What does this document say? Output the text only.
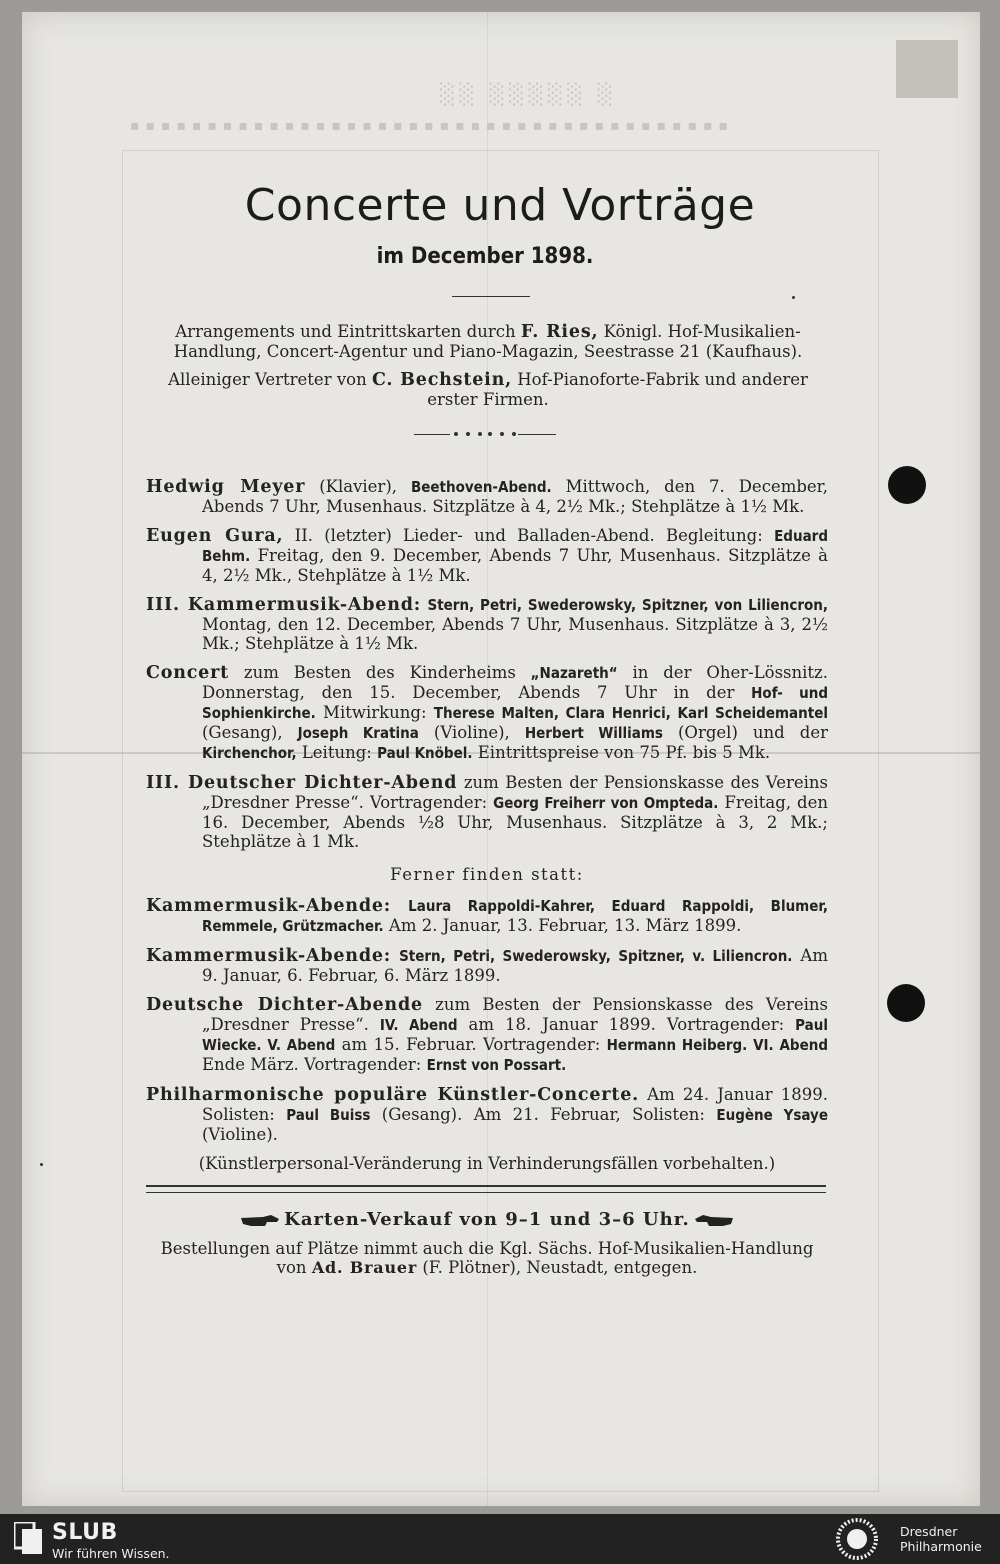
░░ ░░░░░ ░
▪▪▪▪▪▪▪▪▪▪▪▪▪▪▪▪▪▪▪▪▪▪▪▪▪▪▪▪▪▪▪▪▪▪▪▪▪▪▪
Concerte und Vorträge
im December 1898.
Arrangements und Eintrittskarten durch F. Ries, Königl. Hof-Musikalien-Handlung, Concert-Agentur und Piano-Magazin, Seestrasse 21 (Kaufhaus).
Alleiniger Vertreter von C. Bechstein, Hof-Pianoforte-Fabrik und anderer erster Firmen.
Hedwig Meyer (Klavier), Beethoven-Abend. Mittwoch, den 7. December, Abends 7 Uhr, Musenhaus. Sitzplätze à 4, 2½ Mk.; Stehplätze à 1½ Mk.
Eugen Gura, II. (letzter) Lieder- und Balladen-Abend. Begleitung: Eduard Behm. Freitag, den 9. December, Abends 7 Uhr, Musenhaus. Sitzplätze à 4, 2½ Mk., Stehplätze à 1½ Mk.
III. Kammermusik-Abend: Stern, Petri, Swederowsky, Spitzner, von Liliencron, Montag, den 12. December, Abends 7 Uhr, Musenhaus. Sitzplätze à 3, 2½ Mk.; Stehplätze à 1½ Mk.
Concert zum Besten des Kinderheims „Nazareth“ in der Oher-Lössnitz. Donnerstag, den 15. December, Abends 7 Uhr in der Hof- und Sophienkirche. Mitwirkung: Therese Malten, Clara Henrici, Karl Scheidemantel (Gesang), Joseph Kratina (Violine), Herbert Williams (Orgel) und der Kirchenchor, Leitung: Paul Knöbel. Eintrittspreise von 75 Pf. bis 5 Mk.
III. Deutscher Dichter-Abend zum Besten der Pensionskasse des Vereins „Dresdner Presse“. Vortragender: Georg Freiherr von Ompteda. Freitag, den 16. December, Abends ½8 Uhr, Musenhaus. Sitzplätze à 3, 2 Mk.; Stehplätze à 1 Mk.
Ferner finden statt:
Kammermusik-Abende: Laura Rappoldi-Kahrer, Eduard Rappoldi, Blumer, Remmele, Grützmacher. Am 2. Januar, 13. Februar, 13. März 1899.
Kammermusik-Abende: Stern, Petri, Swederowsky, Spitzner, v. Liliencron. Am 9. Januar, 6. Februar, 6. März 1899.
Deutsche Dichter-Abende zum Besten der Pensionskasse des Vereins „Dresdner Presse“. IV. Abend am 18. Januar 1899. Vortragender: Paul Wiecke. V. Abend am 15. Februar. Vortragender: Hermann Heiberg. VI. Abend Ende März. Vortragender: Ernst von Possart.
Philharmonische populäre Künstler-Concerte. Am 24. Januar 1899. Solisten: Paul Buiss (Gesang). Am 21. Februar, Solisten: Eugène Ysaye (Violine).
(Künstlerpersonal-Veränderung in Verhinderungsfällen vorbehalten.)
Karten-Verkauf von 9–1 und 3–6 Uhr.
Bestellungen auf Plätze nimmt auch die Kgl. Sächs. Hof-Musikalien-Handlung von Ad. Brauer (F. Plötner), Neustadt, entgegen.
SLUB
Wir führen Wissen.
Dresdner
Philharmonie
